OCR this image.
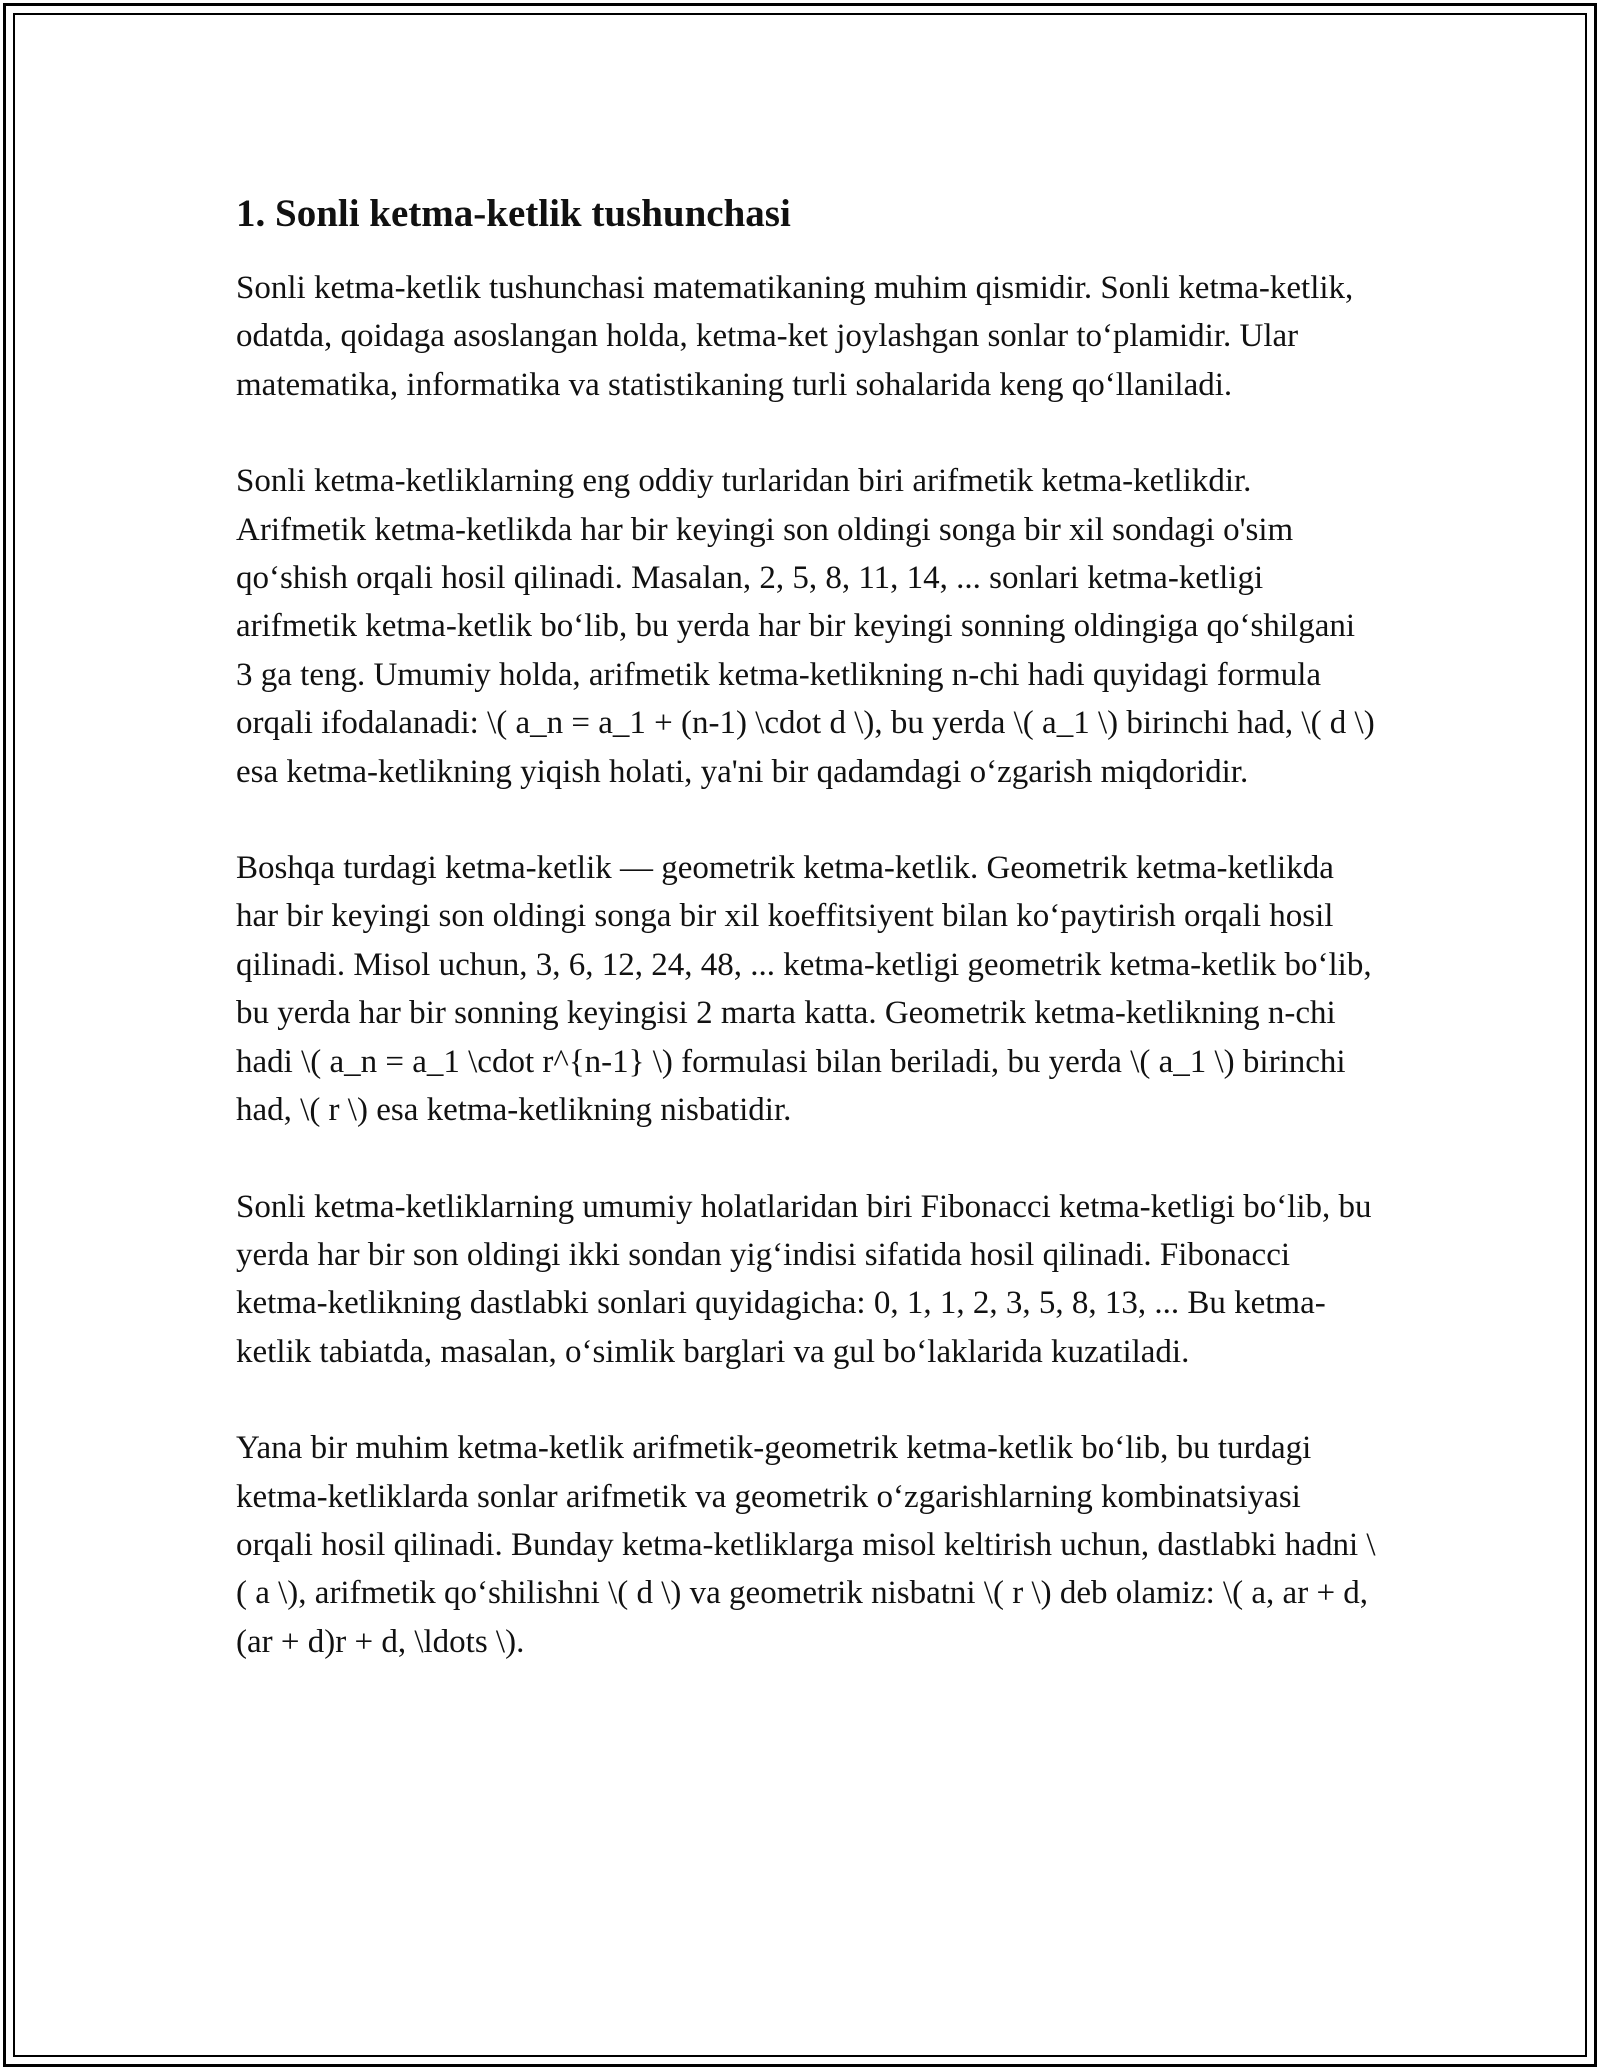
1. Sonli ketma-ketlik tushunchasi

Sonli ketma-ketlik tushunchasi matematikaning muhim qismidir. Sonli ketma-ketlik, odatda, qoidaga asoslangan holda, ketma-ket joylashgan sonlar to‘plamidir. Ular matematika, informatika va statistikaning turli sohalarida keng qo‘llaniladi.

Sonli ketma-ketliklarning eng oddiy turlaridan biri arifmetik ketma-ketlikdir. Arifmetik ketma-ketlikda har bir keyingi son oldingi songa bir xil sondagi o'sim qo‘shish orqali hosil qilinadi. Masalan, 2, 5, 8, 11, 14, ... sonlari ketma-ketligi arifmetik ketma-ketlik bo‘lib, bu yerda har bir keyingi sonning oldingiga qo‘shilgani 3 ga teng. Umumiy holda, arifmetik ketma-ketlikning n-chi hadi quyidagi formula orqali ifodalanadi: \( a_n = a_1 + (n-1) \cdot d \), bu yerda \( a_1 \) birinchi had, \( d \) esa ketma-ketlikning yiqish holati, ya'ni bir qadamdagi o‘zgarish miqdoridir.

Boshqa turdagi ketma-ketlik — geometrik ketma-ketlik. Geometrik ketma-ketlikda har bir keyingi son oldingi songa bir xil koeffitsiyent bilan ko‘paytirish orqali hosil qilinadi. Misol uchun, 3, 6, 12, 24, 48, ... ketma-ketligi geometrik ketma-ketlik bo‘lib, bu yerda har bir sonning keyingisi 2 marta katta. Geometrik ketma-ketlikning n-chi hadi \( a_n = a_1 \cdot r^{n-1} \) formulasi bilan beriladi, bu yerda \( a_1 \) birinchi had, \( r \) esa ketma-ketlikning nisbatidir.

Sonli ketma-ketliklarning umumiy holatlaridan biri Fibonacci ketma-ketligi bo‘lib, bu yerda har bir son oldingi ikki sondan yig‘indisi sifatida hosil qilinadi. Fibonacci ketma-ketlikning dastlabki sonlari quyidagicha: 0, 1, 1, 2, 3, 5, 8, 13, ... Bu ketma-ketlik tabiatda, masalan, o‘simlik barglari va gul bo‘laklarida kuzatiladi.

Yana bir muhim ketma-ketlik arifmetik-geometrik ketma-ketlik bo‘lib, bu turdagi ketma-ketliklarda sonlar arifmetik va geometrik o‘zgarishlarning kombinatsiyasi orqali hosil qilinadi. Bunday ketma-ketliklarga misol keltirish uchun, dastlabki hadni \( a \), arifmetik qo‘shilishni \( d \) va geometrik nisbatni \( r \) deb olamiz: \( a, ar + d, (ar + d)r + d, \ldots \).
